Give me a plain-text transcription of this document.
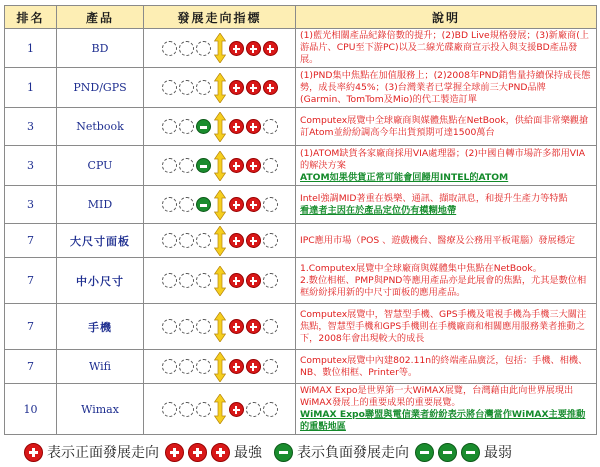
排名	產品	發展走向指標	說明
1	BD		(1)藍光相關產品紀錄倍數的提升；(2)BD Live規格發展；(3)新廠商(上游晶片、CPU至下游PC)以及二線光碟廠商宣示投入與支援BD產品發展。
1	PND/GPS		(1)PND集中焦點在加值服務上；(2)2008年PND銷售量持續保持成長態勢，成長率約45%；(3)台灣業者已掌握全球前三大PND品牌(Garmin、TomTom及Mio)的代工製造訂單
3	Netbook		Computex展覽中全球廠商與媒體焦點在NetBook，供給面非常樂觀搶訂Atom並紛紛調高今年出貨預期可達1500萬台
3	CPU		(1)ATOM缺貨各家廠商採用VIA處理器；(2)中國自轉市場許多都用VIA的解決方案
ATOM如果供貨正常可能會回歸用INTEL的ATOM

3	MID		Intel強調MID著重在娛樂、通訊、擷取訊息，和提升生產力等特點
看達者主因在於產品定位仍有模糊地帶

7	大尺寸面板		IPC應用市場（POS 、遊戲機台、醫療及公務用平板電腦）發展穩定
7	中小尺寸		1.Computex展覽中全球廠商與媒體集中焦點在NetBook。
2.數位相框、PMP與PND等應用產品亦是此展會的焦點，尤其是數位相框紛紛採用新的中尺寸面板的應用產品。
7	手機		Computex展覽中，智慧型手機、GPS手機及電視手機為手機三大關注焦點，智慧型手機和GPS手機則在手機廠商和相關應用服務業者推動之下，2008年會出現較大的成長
7	Wifi		Computex展覽中內建802.11n的終端產品廣泛，包括：手機、相機、NB、數位相框、Printer等。
10	Wimax		WiMAX Expo是世界第一大WiMAX展覽，台灣藉由此向世界展現出WiMAX發展上的重要成果的重要展覽。
WiMAX Expo聯盟與電信業者紛紛表示將台灣當作WiMAX主要推動的重點地區
表示正面發展走向	最強	表示負面發展走向	最弱
